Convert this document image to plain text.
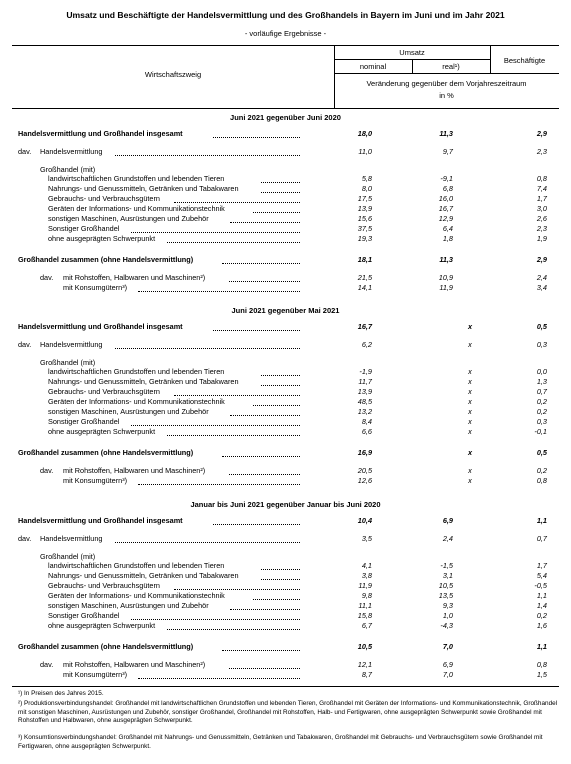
Umsatz und Beschäftigte der Handelsvermittlung und des Großhandels in Bayern im Juni und im Jahr 2021
- vorläufige Ergebnisse -
Wirtschaftszweig
Umsatz
nominal	real¹)
Beschäftigte
Veränderung gegenüber dem Vorjahreszeitraum
in %
Juni 2021 gegenüber Juni 2020
Handelsvermittlung und Großhandel insgesamt	18,0	11,3	2,9
dav. Handelsvermittlung	11,0	9,7	2,3
Großhandel (mit)
landwirtschaftlichen Grundstoffen und lebenden Tieren	5,8	-9,1	0,8
Nahrungs- und Genussmitteln, Getränken und Tabakwaren	8,0	6,8	7,4
Gebrauchs- und Verbrauchsgütern	17,5	16,0	1,7
Geräten der Informations- und Kommunikationstechnik	13,9	16,7	3,0
sonstigen Maschinen, Ausrüstungen und Zubehör	15,6	12,9	2,6
Sonstiger Großhandel	37,5	6,4	2,3
ohne ausgeprägten Schwerpunkt	19,3	1,8	1,9
Großhandel zusammen (ohne Handelsvermittlung)	18,1	11,3	2,9
dav. mit Rohstoffen, Halbwaren und Maschinen²)	21,5	10,9	2,4
mit Konsumgütern³)	14,1	11,9	3,4
Juni 2021 gegenüber Mai 2021
Handelsvermittlung und Großhandel insgesamt	16,7	x	0,5
dav. Handelsvermittlung	6,2	x	0,3
Großhandel (mit)
landwirtschaftlichen Grundstoffen und lebenden Tieren	-1,9	x	0,0
Nahrungs- und Genussmitteln, Getränken und Tabakwaren	11,7	x	1,3
Gebrauchs- und Verbrauchsgütern	13,9	x	0,7
Geräten der Informations- und Kommunikationstechnik	48,5	x	0,2
sonstigen Maschinen, Ausrüstungen und Zubehör	13,2	x	0,2
Sonstiger Großhandel	8,4	x	0,3
ohne ausgeprägten Schwerpunkt	6,6	x	-0,1
Großhandel zusammen (ohne Handelsvermittlung)	16,9	x	0,5
dav. mit Rohstoffen, Halbwaren und Maschinen²)	20,5	x	0,2
mit Konsumgütern³)	12,6	x	0,8
Januar bis Juni 2021 gegenüber Januar bis Juni 2020
Handelsvermittlung und Großhandel insgesamt	10,4	6,9	1,1
dav. Handelsvermittlung	3,5	2,4	0,7
Großhandel (mit)
landwirtschaftlichen Grundstoffen und lebenden Tieren	4,1	-1,5	1,7
Nahrungs- und Genussmitteln, Getränken und Tabakwaren	3,8	3,1	5,4
Gebrauchs- und Verbrauchsgütern	11,9	10,5	-0,5
Geräten der Informations- und Kommunikationstechnik	9,8	13,5	1,1
sonstigen Maschinen, Ausrüstungen und Zubehör	11,1	9,3	1,4
Sonstiger Großhandel	15,8	1,0	0,2
ohne ausgeprägten Schwerpunkt	6,7	-4,3	1,6
Großhandel zusammen (ohne Handelsvermittlung)	10,5	7,0	1,1
dav. mit Rohstoffen, Halbwaren und Maschinen²)	12,1	6,9	0,8
mit Konsumgütern³)	8,7	7,0	1,5
¹) In Preisen des Jahres 2015.
²) Produktionsverbindungshandel: Großhandel mit landwirtschaftlichen Grundstoffen und lebenden Tieren, Großhandel mit Geräten der Informations- und Kommunikationstechnik, Großhandel mit sonstigen Maschinen, Ausrüstungen und Zubehör, sonstiger Großhandel, Großhandel mit Rohstoffen, Halb- und Fertigwaren, ohne ausgeprägten Schwerpunkt sowie Großhandel mit Rohstoffen und Halbwaren, ohne ausgeprägten Schwerpunkt.
³) Konsumtionsverbindungshandel: Großhandel mit Nahrungs- und Genussmitteln, Getränken und Tabakwaren, Großhandel mit Gebrauchs- und Verbrauchsgütern sowie Großhandel mit Fertigwaren, ohne ausgeprägten Schwerpunkt.
